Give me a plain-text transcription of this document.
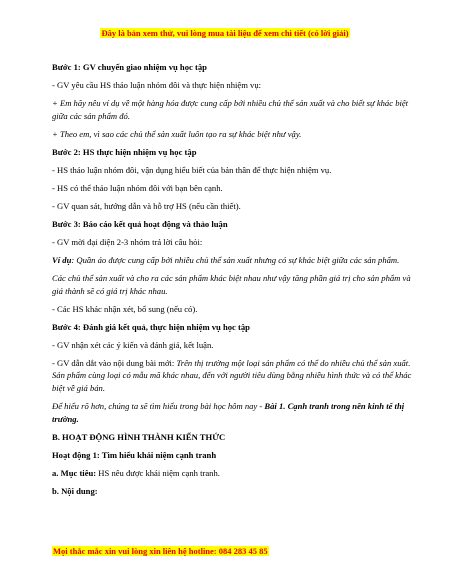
Đây là bản xem thử, vui lòng mua tài liệu để xem chi tiết (có lời giải)

Bước 1: GV chuyển giao nhiệm vụ học tập

- GV yêu cầu HS thảo luận nhóm đôi và thực hiện nhiệm vụ:

+ Em hãy nêu ví dụ về một hàng hóa được cung cấp bởi nhiều chủ thể sản xuất và cho biết sự khác biệt giữa các sản phẩm đó.

+ Theo em, vì sao các chủ thể sản xuất luôn tạo ra sự khác biệt như vậy.

Bước 2: HS thực hiện nhiệm vụ học tập

- HS thảo luận nhóm đôi, vận dụng hiểu biết của bản thân để thực hiện nhiệm vụ.

- HS có thể thảo luận nhóm đôi với bạn bên cạnh.

- GV quan sát, hướng dẫn và hỗ trợ HS (nếu cần thiết).

Bước 3: Báo cáo kết quả hoạt động và thảo luận

- GV mời đại diện 2-3 nhóm trả lời câu hỏi:

Ví dụ: Quần áo được cung cấp bởi nhiều chủ thể sản xuất nhưng có sự khác biệt giữa các sản phẩm.

Các chủ thể sản xuất và cho ra các sản phẩm khác biệt nhau như vậy tăng phần giá trị cho sản phẩm và giá thành sẽ có giá trị khác nhau.

- Các HS khác nhận xét, bổ sung (nếu có).

Bước 4: Đánh giá kết quả, thực hiện nhiệm vụ học tập

- GV nhận xét các ý kiến và đánh giá, kết luận.

- GV dẫn dắt vào nội dung bài mới: Trên thị trường một loại sản phẩm có thể do nhiều chủ thể sản xuất. Sản phẩm cùng loại có mẫu mã khác nhau, đến với người tiêu dùng bằng nhiều hình thức và có thể khác biệt về giá bán.

Để hiểu rõ hơn, chúng ta sẽ tìm hiểu trong bài học hôm nay - Bài 1. Cạnh tranh trong nền kinh tế thị trường.

B. HOẠT ĐỘNG HÌNH THÀNH KIẾN THỨC

Hoạt động 1: Tìm hiểu khái niệm cạnh tranh

a. Mục tiêu: HS nêu được khái niệm cạnh tranh.

b. Nội dung:

Mọi thắc mắc xin vui lòng xin liên hệ hotline: 084 283 45 85
